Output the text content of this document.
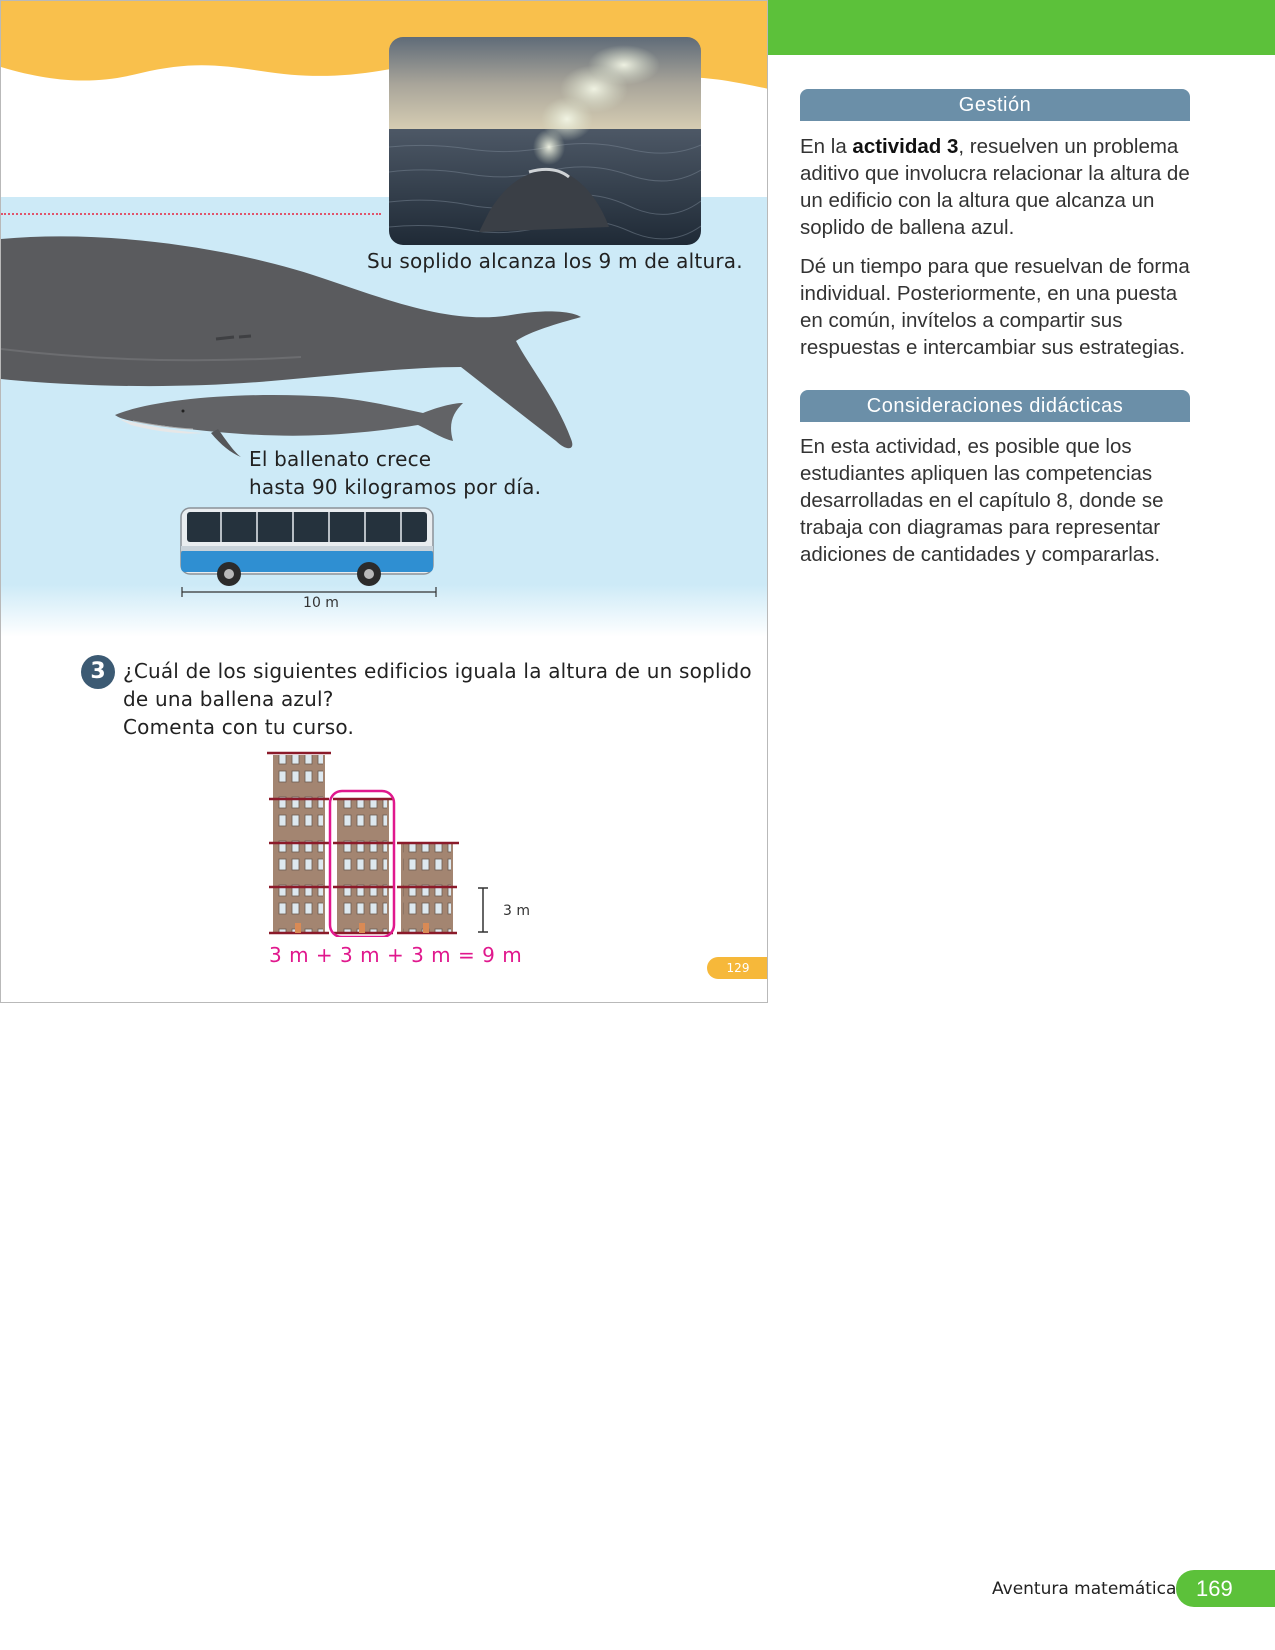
Su soplido alcanza los 9 m de altura.
El ballenato crece
hasta 90 kilogramos por día.
10 m
3 ¿Cuál de los siguientes edificios iguala la altura de un soplido
de una ballena azul?
Comenta con tu curso.
3 m
3 m + 3 m + 3 m = 9 m
129
Gestión

En la actividad 3, resuelven un problema aditivo que involucra relacionar la altura de un edificio con la altura que alcanza un soplido de ballena azul.

Dé un tiempo para que resuelvan de forma individual. Posteriormente, en una puesta en común, invítelos a compartir sus respuestas e intercambiar sus estrategias.

Consideraciones didácticas

En esta actividad, es posible que los estudiantes apliquen las competencias desarrolladas en el capítulo 8, donde se trabaja con diagramas para representar adiciones de cantidades y compararlas.

Aventura matemática 169
